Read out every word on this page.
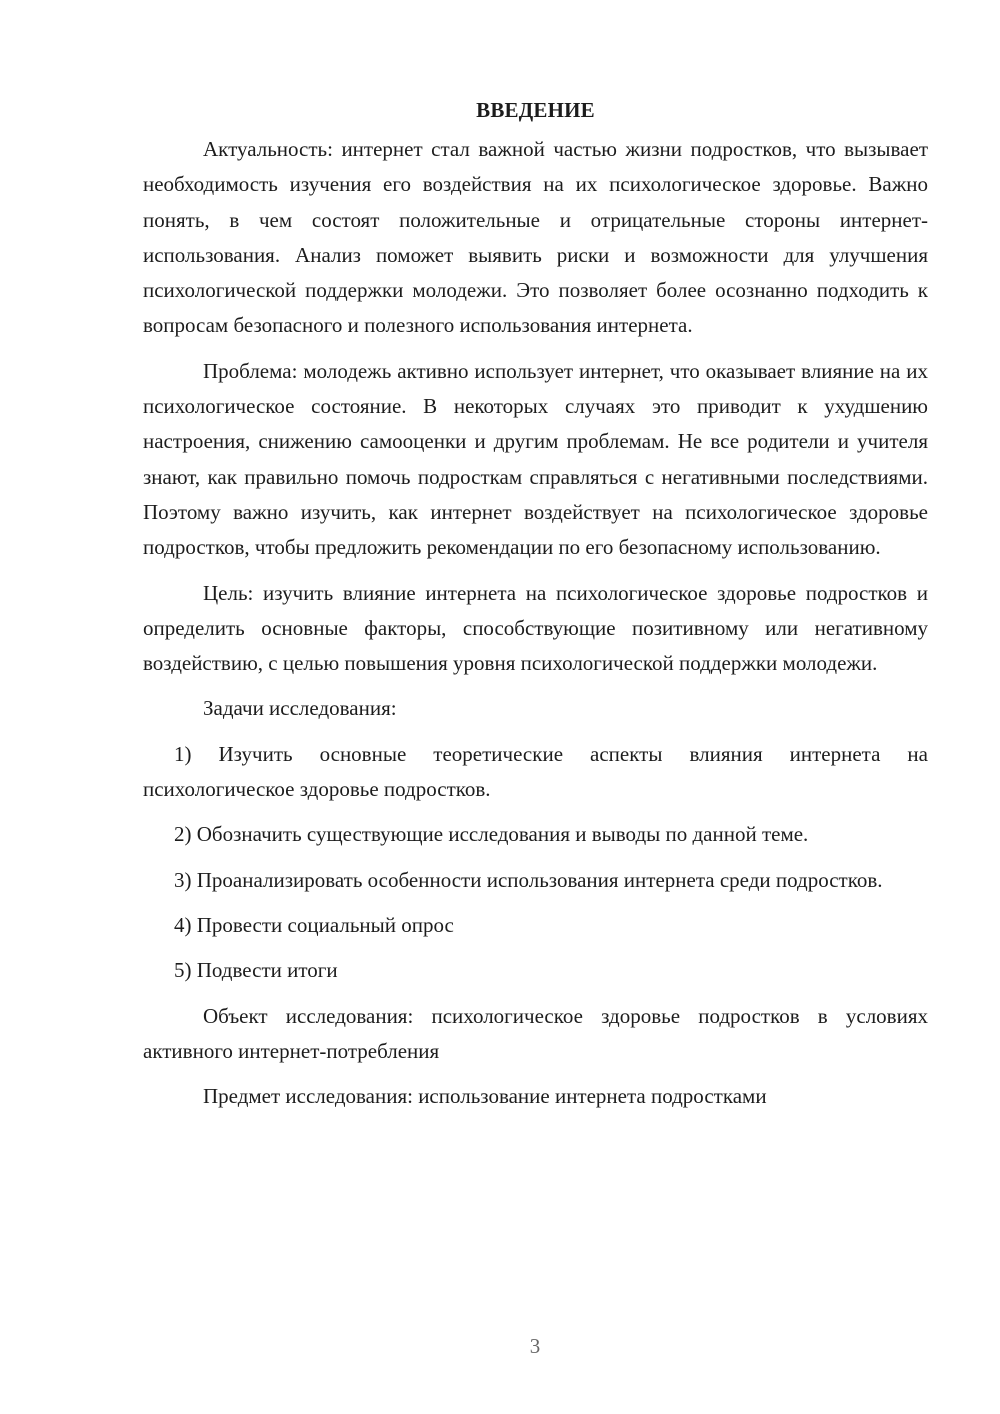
ВВЕДЕНИЕ

Актуальность: интернет стал важной частью жизни подростков, что вызывает необходимость изучения его воздействия на их психологическое здоровье. Важно понять, в чем состоят положительные и отрицательные стороны интернет-использования. Анализ поможет выявить риски и возможности для улучшения психологической поддержки молодежи. Это позволяет более осознанно подходить к вопросам безопасного и полезного использования интернета.

Проблема: молодежь активно использует интернет, что оказывает влияние на их психологическое состояние. В некоторых случаях это приводит к ухудшению настроения, снижению самооценки и другим проблемам. Не все родители и учителя знают, как правильно помочь подросткам справляться с негативными последствиями. Поэтому важно изучить, как интернет воздействует на психологическое здоровье подростков, чтобы предложить рекомендации по его безопасному использованию.

Цель: изучить влияние интернета на психологическое здоровье подростков и определить основные факторы, способствующие позитивному или негативному воздействию, с целью повышения уровня психологической поддержки молодежи.

Задачи исследования:

1) Изучить основные теоретические аспекты влияния интернета на психологическое здоровье подростков.

2) Обозначить существующие исследования и выводы по данной теме.

3) Проанализировать особенности использования интернета среди подростков.

4) Провести социальный опрос

5) Подвести итоги

Объект исследования: психологическое здоровье подростков в условиях активного интернет-потребления

Предмет исследования: использование интернета подростками

3
